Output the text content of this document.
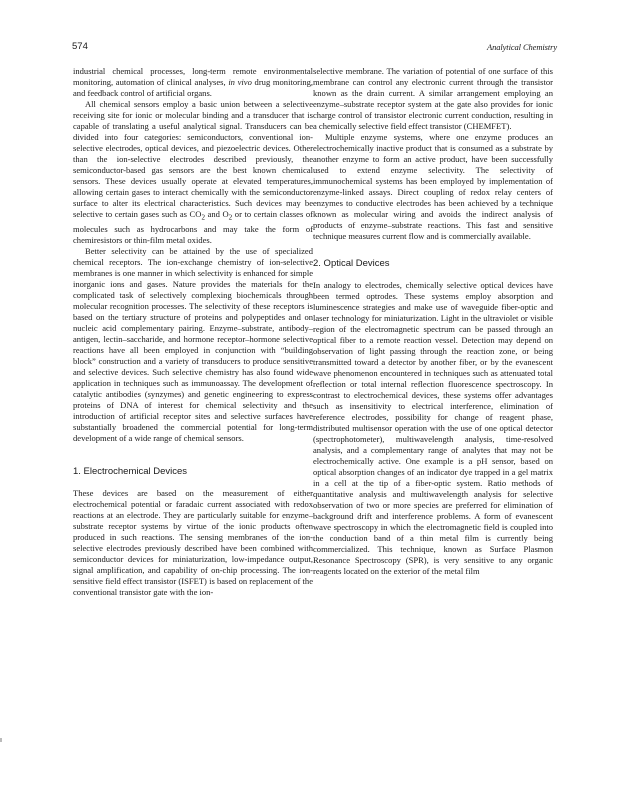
574	Analytical Chemistry

industrial chemical processes, long-term remote environmental monitoring, automation of clinical analyses, in vivo drug monitoring, and feedback control of artificial organs.

All chemical sensors employ a basic union between a selective receiving site for ionic or molecular binding and a transducer that is capable of translating a useful analytical signal. Transducers can be divided into four categories: semiconductors, conventional ion-selective electrodes, optical devices, and piezoelectric devices. Other than the ion-selective electrodes described previously, the semiconductor-based gas sensors are the best known chemical sensors. These devices usually operate at elevated temperatures, allowing certain gases to interact chemically with the semiconductor surface to alter its electrical characteristics. Such devices may be selective to certain gases such as $CO_2$ and $O_2$ or to certain classes of molecules such as hydrocarbons and may take the form of chemiresistors or thin-film metal oxides.

Better selectivity can be attained by the use of specialized chemical receptors. The ion-exchange chemistry of ion-selective membranes is one manner in which selectivity is enhanced for simple inorganic ions and gases. Nature provides the materials for the complicated task of selectively complexing biochemicals through molecular recognition processes. The selectivity of these receptors is based on the tertiary structure of proteins and polypeptides and on nucleic acid complementary pairing. Enzyme–substrate, antibody–antigen, lectin–saccharide, and hormone receptor–hormone selective reactions have all been employed in conjunction with “building block” construction and a variety of transducers to produce sensitive and selective devices. Such selective chemistry has also found wide application in techniques such as immunoassay. The development of catalytic antibodies (synzymes) and genetic engineering to express proteins of DNA of interest for chemical selectivity and the introduction of artificial receptor sites and selective surfaces have substantially broadened the commercial potential for long-term development of a wide range of chemical sensors.

1. Electrochemical Devices

These devices are based on the measurement of either electrochemical potential or faradaic current associated with redox reactions at an electrode. They are particularly suitable for enzyme–substrate receptor systems by virtue of the ionic products often produced in such reactions. The sensing membranes of the ion-selective electrodes previously described have been combined with semiconductor devices for miniaturization, low-impedance output, signal amplification, and capability of on-chip processing. The ion-sensitive field effect transistor (ISFET) is based on replacement of the conventional transistor gate with the ion-

selective membrane. The variation of potential of one surface of this membrane can control any electronic current through the transistor known as the drain current. A similar arrangement employing an enzyme–substrate receptor system at the gate also provides for ionic charge control of transistor electronic current conduction, resulting in a chemically selective field effect transistor (CHEMFET).

Multiple enzyme systems, where one enzyme produces an electrochemically inactive product that is consumed as a substrate by another enzyme to form an active product, have been successfully used to extend enzyme selectivity. The selectivity of immunochemical systems has been employed by implementation of enzyme-linked assays. Direct coupling of redox relay centers of enzymes to conductive electrodes has been achieved by a technique known as molecular wiring and avoids the indirect analysis of products of enzyme–substrate reactions. This fast and sensitive technique measures current flow and is commercially available.

2. Optical Devices

In analogy to electrodes, chemically selective optical devices have been termed optrodes. These systems employ absorption and luminescence strategies and make use of waveguide fiber-optic and laser technology for miniaturization. Light in the ultraviolet or visible region of the electromagnetic spectrum can be passed through an optical fiber to a remote reaction vessel. Detection may depend on observation of light passing through the reaction zone, or being transmitted toward a detector by another fiber, or by the evanescent wave phenomenon encountered in techniques such as attenuated total reflection or total internal reflection fluorescence spectroscopy. In contrast to electrochemical devices, these systems offer advantages such as insensitivity to electrical interference, elimination of reference electrodes, possibility for change of reagent phase, distributed multisensor operation with the use of one optical detector (spectrophotometer), multiwavelength analysis, time-resolved analysis, and a complementary range of analytes that may not be electrochemically active. One example is a pH sensor, based on optical absorption changes of an indicator dye trapped in a gel matrix in a cell at the tip of a fiber-optic system. Ratio methods of quantitative analysis and multiwavelength analysis for selective observation of two or more species are preferred for elimination of background drift and interference problems. A form of evanescent wave spectroscopy in which the electromagnetic field is coupled into the conduction band of a thin metal film is currently being commercialized. This technique, known as Surface Plasmon Resonance Spectroscopy (SPR), is very sensitive to any organic reagents located on the exterior of the metal film
